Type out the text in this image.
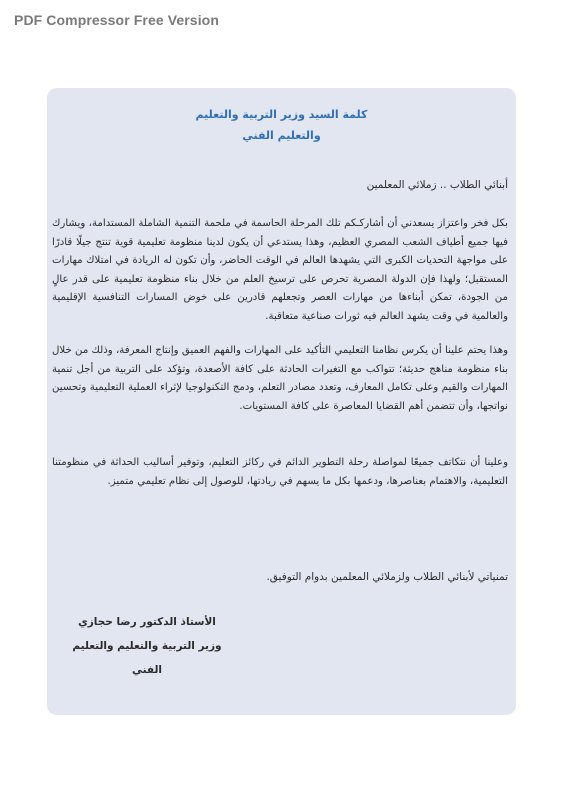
PDF Compressor Free Version
كلمة السيد وزير التربية والتعليم
والتعليم الفني
أبنائي الطلاب .. زملائي المعلمين
بكل فخر واعتزاز يسعدني أن أشاركـكم تلك المرحلة الحاسمة في ملحمة التنمية الشاملة المستدامة، ويشارك فيها جميع أطياف الشعب المصري العظيم، وهذا يستدعي أن يكون لدينا منظومة تعليمية قوية تنتج جيلًا قادرًا على مواجهة التحديات الكبرى التي يشهدها العالم في الوقت الحاضر، وأن تكون له الريادة في امتلاك مهارات المستقبل؛ ولهذا فإن الدولة المصرية تحرص على ترسيخ العلم من خلال بناء منظومة تعليمية على قدر عالٍ من الجودة، تمكن أبناءها من مهارات العصر وتجعلهم قادرين على خوض المسارات التنافسية الإقليمية والعالمية في وقت يشهد العالم فيه ثورات صناعية متعاقبة.
وهذا يحتم علينا أن يكرس نظامنا التعليمي التأكيد على المهارات والفهم العميق وإنتاج المعرفة، وذلك من خلال بناء منظومة مناهج حديثة؛ تتواكب مع التغيرات الحادثة على كافة الأصعدة، وتؤكد على التربية من أجل تنمية المهارات والقيم وعلى تكامل المعارف، وتعدد مصادر التعلم، ودمج التكنولوجيا لإثراء العملية التعليمية وتحسين نواتجها، وأن تتضمن أهم القضايا المعاصرة على كافة المستويات.
وعلينا أن نتكاتف جميعًا لمواصلة رحلة التطوير الدائم في ركائز التعليم، وتوفير أساليب الحداثة في منظومتنا التعليمية، والاهتمام بعناصرها، ودعمها بكل ما يسهم في ريادتها، للوصول إلى نظام تعليمي متميز.
تمنياتي لأبنائي الطلاب ولزملائي المعلمين بدوام التوفيق.
الأستاذ الدكتور رضا حجازي
وزير التربية والتعليم والتعليم الفني
